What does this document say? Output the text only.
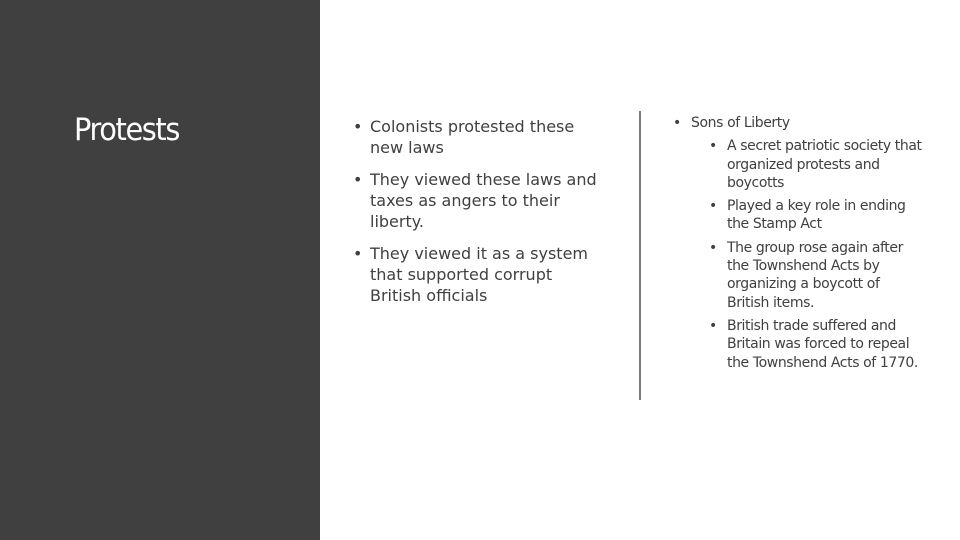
Protests
•	Colonists protested these new laws
• They viewed these laws and taxes as angers to their liberty.
• They viewed it as a system that supported corrupt British officials
• Sons of Liberty
• A secret patriotic society that organized protests and boycotts
• Played a key role in ending the Stamp Act
• The group rose again after the Townshend Acts by organizing a boycott of British items.
• British trade suffered and Britain was forced to repeal the Townshend Acts of 1770.
